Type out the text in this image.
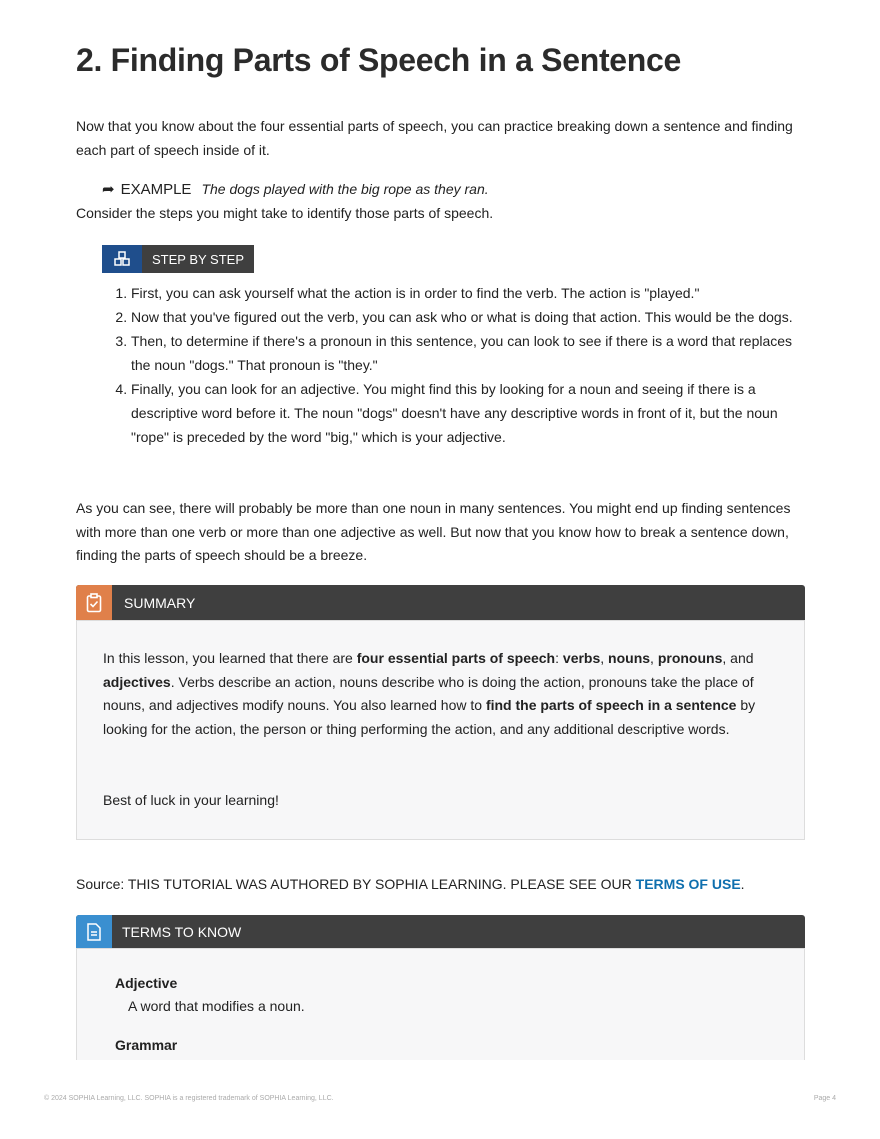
2. Finding Parts of Speech in a Sentence

Now that you know about the four essential parts of speech, you can practice breaking down a sentence and finding each part of speech inside of it.

➦ EXAMPLE The dogs played with the big rope as they ran.

Consider the steps you might take to identify those parts of speech.

STEP BY STEP
1. First, you can ask yourself what the action is in order to find the verb. The action is "played."
2. Now that you've figured out the verb, you can ask who or what is doing that action. This would be the dogs.
3. Then, to determine if there's a pronoun in this sentence, you can look to see if there is a word that replaces the noun "dogs." That pronoun is "they."
4. Finally, you can look for an adjective. You might find this by looking for a noun and seeing if there is a descriptive word before it. The noun "dogs" doesn't have any descriptive words in front of it, but the noun "rope" is preceded by the word "big," which is your adjective.

As you can see, there will probably be more than one noun in many sentences. You might end up finding sentences with more than one verb or more than one adjective as well. But now that you know how to break a sentence down, finding the parts of speech should be a breeze.

SUMMARY

In this lesson, you learned that there are four essential parts of speech: verbs, nouns, pronouns, and adjectives. Verbs describe an action, nouns describe who is doing the action, pronouns take the place of nouns, and adjectives modify nouns. You also learned how to find the parts of speech in a sentence by looking for the action, the person or thing performing the action, and any additional descriptive words.

Best of luck in your learning!

Source: THIS TUTORIAL WAS AUTHORED BY SOPHIA LEARNING. PLEASE SEE OUR TERMS OF USE.

TERMS TO KNOW
Adjective
A word that modifies a noun.
Grammar
© 2024 SOPHIA Learning, LLC. SOPHIA is a registered trademark of SOPHIA Learning, LLC.	Page 4
